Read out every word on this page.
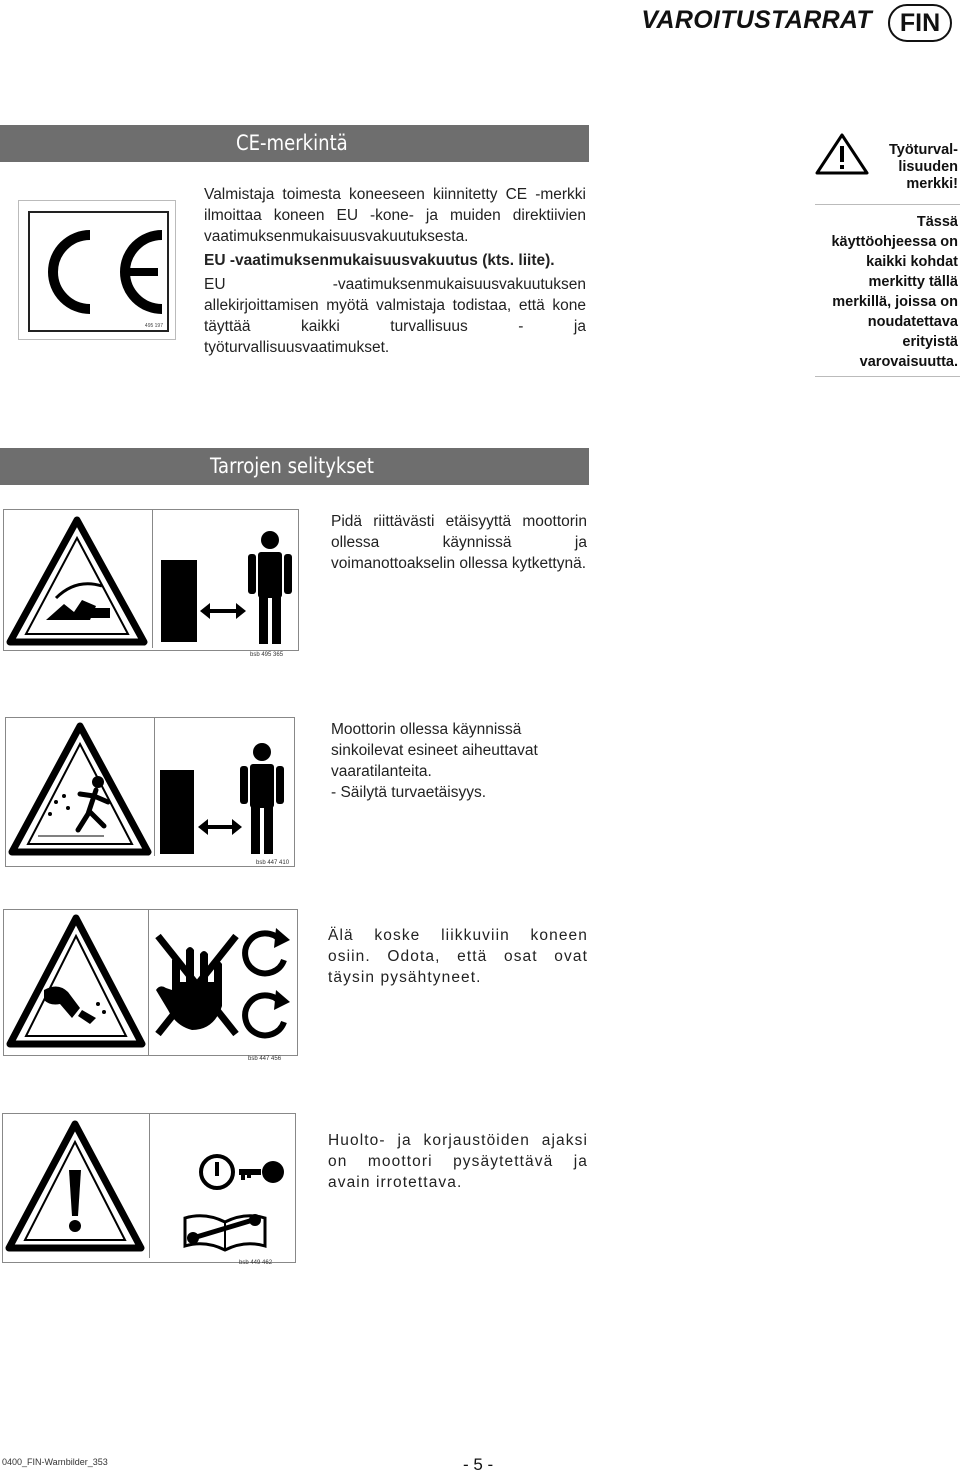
VAROITUSTARRAT	FIN
CE-merkintä
495 197

Valmistaja toimesta koneeseen kiinnitetty CE -merkki ilmoittaa koneen EU -kone- ja muiden direktiivien vaatimuksenmukaisuusvakuutuksesta.

EU -vaatimuksenmukaisuusvakuutus (kts. liite).

EU -vaatimuksenmukaisuusvakuutuksen allekirjoittamisen myötä valmistaja todistaa, että kone täyttää kaikki turvallisuus - ja työturvallisuusvaatimukset.

Työturval-lisuuden merkki!
Tässä käyttöohjeessa on kaikki kohdat merkitty tällä merkillä, joissa on noudatettava erityistä varovaisuutta.
Tarrojen selitykset
bsb 495 365
Pidä riittävästi etäisyyttä moottorin ollessa käynnissä ja voimanottoakselin ollessa kytkettynä.
bsb 447 410
Moottorin ollessa käynnissä sinkoilevat esineet aiheuttavat vaaratilanteita.
- Säilytä turvaetäisyys.
bsb 447 456
Älä koske liikkuviin koneen osiin. Odota, että osat ovat täysin pysähtyneet.
bsb 449 462
Huolto- ja korjaustöiden ajaksi on moottori pysäytettävä ja avain irrotettava.
0400_FIN-Warnbilder_353	- 5 -
